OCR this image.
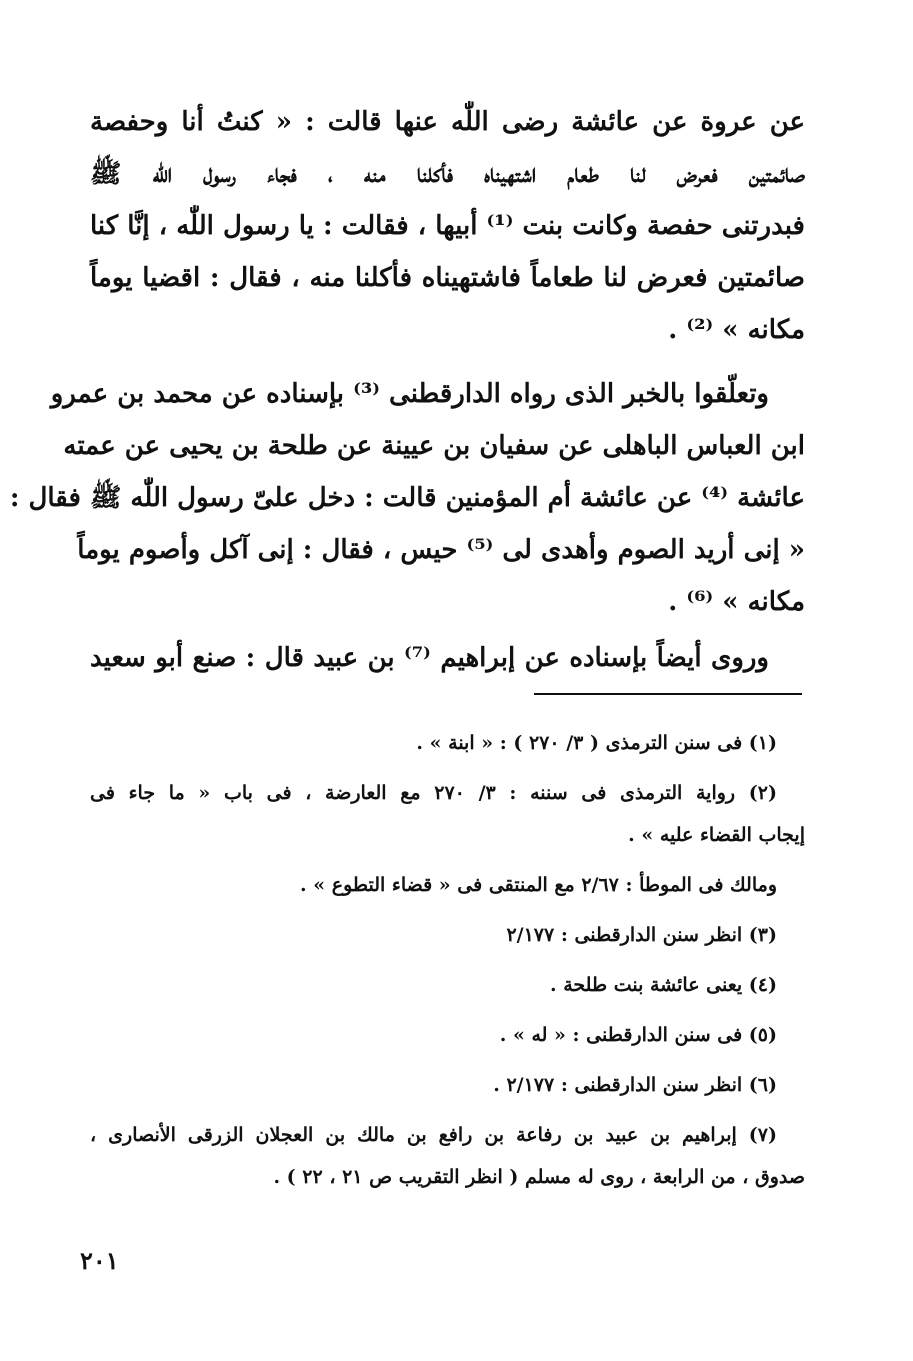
عن عروة عن عائشة رضى اللّٰه عنها قالت : « كنتُ أنا وحفصة
صائمتين فعرض لنا طعام اشتهيناه فأكلنا منه ، فجاء رسول اللّٰه ﷺ
فبدرتنى حفصة وكانت بنت ⁽¹⁾ أبيها ، فقالت : يا رسول اللّٰه ، إنَّا كنا
صائمتين فعرض لنا طعاماً فاشتهيناه فأكلنا منه ، فقال : اقضيا يوماً
مكانه » ⁽²⁾ .
وتعلّقوا بالخبر الذى رواه الدارقطنى ⁽³⁾ بإسناده عن محمد بن عمرو
ابن العباس الباهلى عن سفيان بن عيينة عن طلحة بن يحيى عن عمته
عائشة ⁽⁴⁾ عن عائشة أم المؤمنين قالت : دخل علىّ رسول اللّٰه ﷺ فقال :
« إنى أريد الصوم وأهدى لى ⁽⁵⁾ حيس ، فقال : إنى آكل وأصوم يوماً
مكانه » ⁽⁶⁾ .
وروى أيضاً بإسناده عن إبراهيم ⁽⁷⁾ بن عبيد قال : صنع أبو سعيد
(١) فى سنن الترمذى ( ٣/ ٢٧٠ ) : « ابنة » .
(٢) رواية الترمذى فى سننه : ٣/ ٢٧٠ مع العارضة ، فى باب « ما جاء فى
إيجاب القضاء عليه » .
ومالك فى الموطأ : ٢/٦٧ مع المنتقى فى « قضاء التطوع » .
(٣) انظر سنن الدارقطنى : ٢/١٧٧
(٤) يعنى عائشة بنت طلحة .
(٥) فى سنن الدارقطنى : « له » .
(٦) انظر سنن الدارقطنى : ٢/١٧٧ .
(٧) إبراهيم بن عبيد بن رفاعة بن رافع بن مالك بن العجلان الزرقى الأنصارى ،
صدوق ، من الرابعة ، روى له مسلم ( انظر التقريب ص ٢١ ، ٢٢ ) .
٢٠١
